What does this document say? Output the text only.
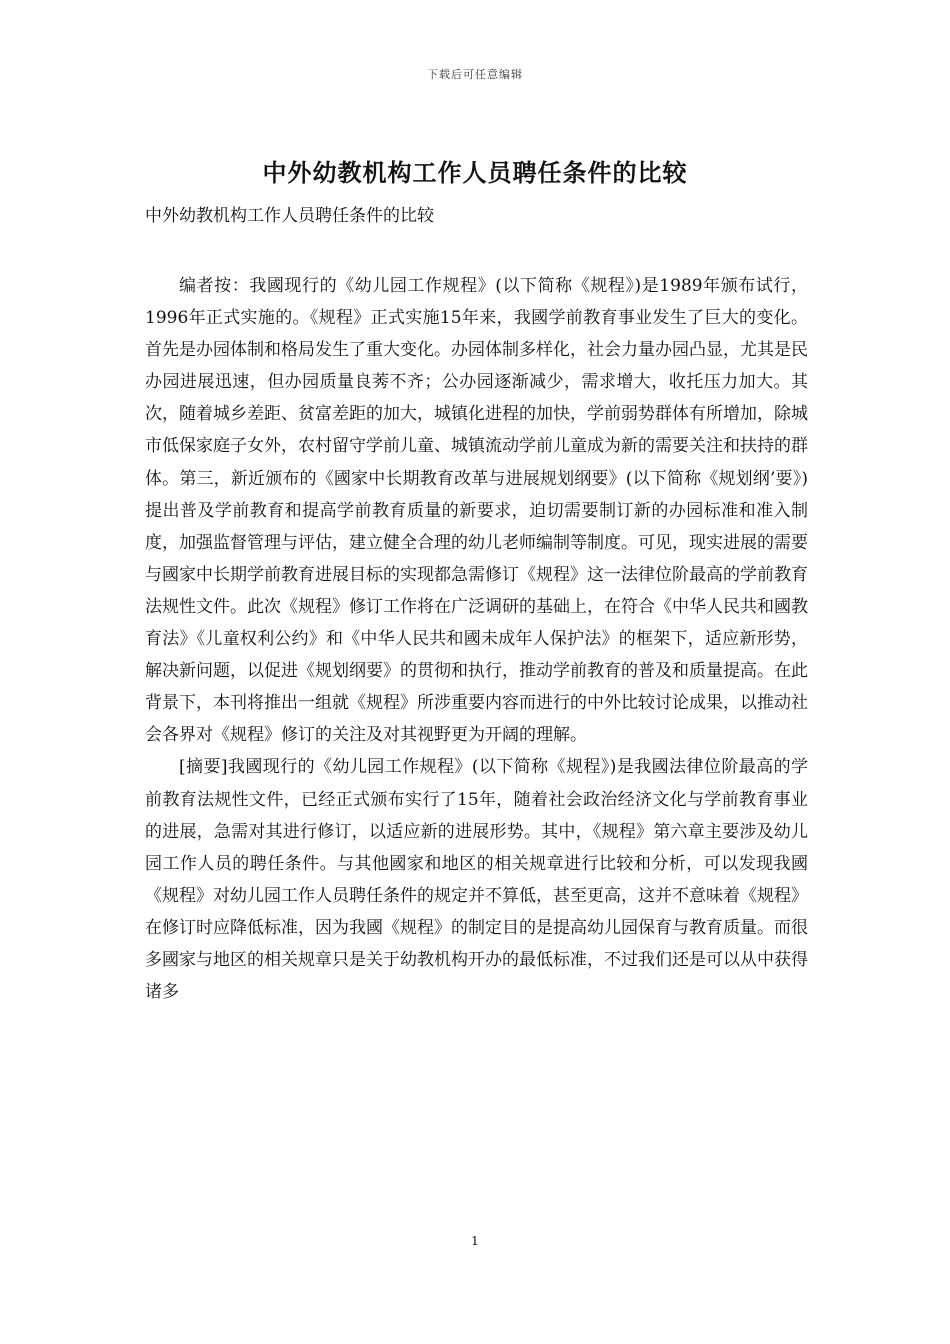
下载后可任意编辑
中外幼教机构工作人员聘任条件的比较
中外幼教机构工作人员聘任条件的比较

编者按：我國现行的《幼儿园工作规程》(以下简称《规程》)是1989年颁布试行，1996年正式实施的。《规程》正式实施15年来，我國学前教育事业发生了巨大的变化。首先是办园体制和格局发生了重大变化。办园体制多样化，社会力量办园凸显，尤其是民办园进展迅速，但办园质量良莠不齐；公办园逐渐减少，需求增大，收托压力加大。其次，随着城乡差距、贫富差距的加大，城镇化进程的加快，学前弱势群体有所增加，除城市低保家庭子女外，农村留守学前儿童、城镇流动学前儿童成为新的需要关注和扶持的群体。第三，新近颁布的《國家中长期教育改革与进展规划纲要》(以下简称《规划纲’要》)提出普及学前教育和提高学前教育质量的新要求，迫切需要制订新的办园标准和准入制度，加强监督管理与评估，建立健全合理的幼儿老师编制等制度。可见，现实进展的需要与國家中长期学前教育进展目标的实现都急需修订《规程》这一法律位阶最高的学前教育法规性文件。此次《规程》修订工作将在广泛调研的基础上，在符合《中华人民共和國教育法》《儿童权利公约》和《中华人民共和國未成年人保护法》的框架下，适应新形势，解决新问题，以促进《规划纲要》的贯彻和执行，推动学前教育的普及和质量提高。在此背景下，本刊将推出一组就《规程》所涉重要内容而进行的中外比较讨论成果，以推动社会各界对《规程》修订的关注及对其视野更为开阔的理解。

[摘要]我國现行的《幼儿园工作规程》(以下简称《规程》)是我國法律位阶最高的学前教育法规性文件，已经正式颁布实行了15年，随着社会政治经济文化与学前教育事业的进展，急需对其进行修订，以适应新的进展形势。其中，《规程》第六章主要涉及幼儿园工作人员的聘任条件。与其他國家和地区的相关规章进行比较和分析，可以发现我國《规程》对幼儿园工作人员聘任条件的规定并不算低，甚至更高，这并不意味着《规程》在修订时应降低标准，因为我國《规程》的制定目的是提高幼儿园保育与教育质量。而很多國家与地区的相关规章只是关于幼教机构开办的最低标准，不过我们还是可以从中获得诸多

1
